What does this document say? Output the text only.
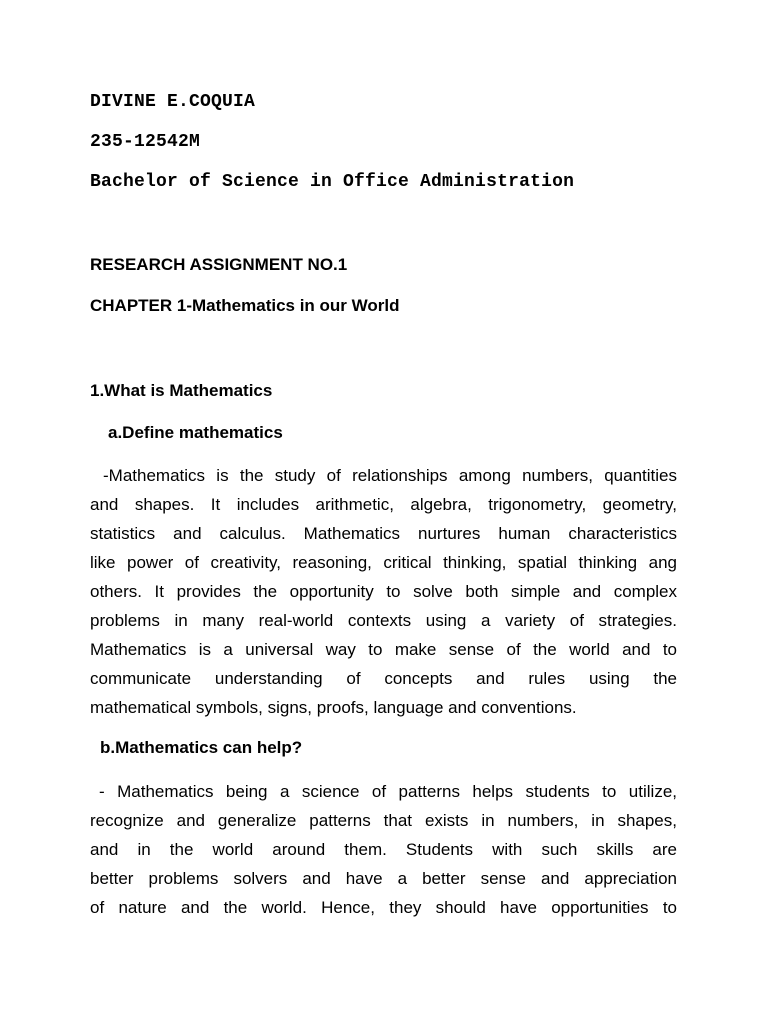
DIVINE E.COQUIA
235-12542M
Bachelor of Science in Office Administration
RESEARCH ASSIGNMENT NO.1
CHAPTER 1-Mathematics in our World
1.What is Mathematics
a.Define mathematics
-Mathematics is the study of relationships among numbers, quantities
and shapes. It includes arithmetic, algebra, trigonometry, geometry,
statistics and calculus. Mathematics nurtures human characteristics
like power of creativity, reasoning, critical thinking, spatial thinking ang
others. It provides the opportunity to solve both simple and complex
problems in many real-world contexts using a variety of strategies.
Mathematics is a universal way to make sense of the world and to
communicate understanding of concepts and rules using the
mathematical symbols, signs, proofs, language and conventions.
b.Mathematics can help?
- Mathematics being a science of patterns helps students to utilize,
recognize and generalize patterns that exists in numbers, in shapes,
and in the world around them. Students with such skills are
better problems solvers and have a better sense and appreciation
of nature and the world. Hence, they should have opportunities to
